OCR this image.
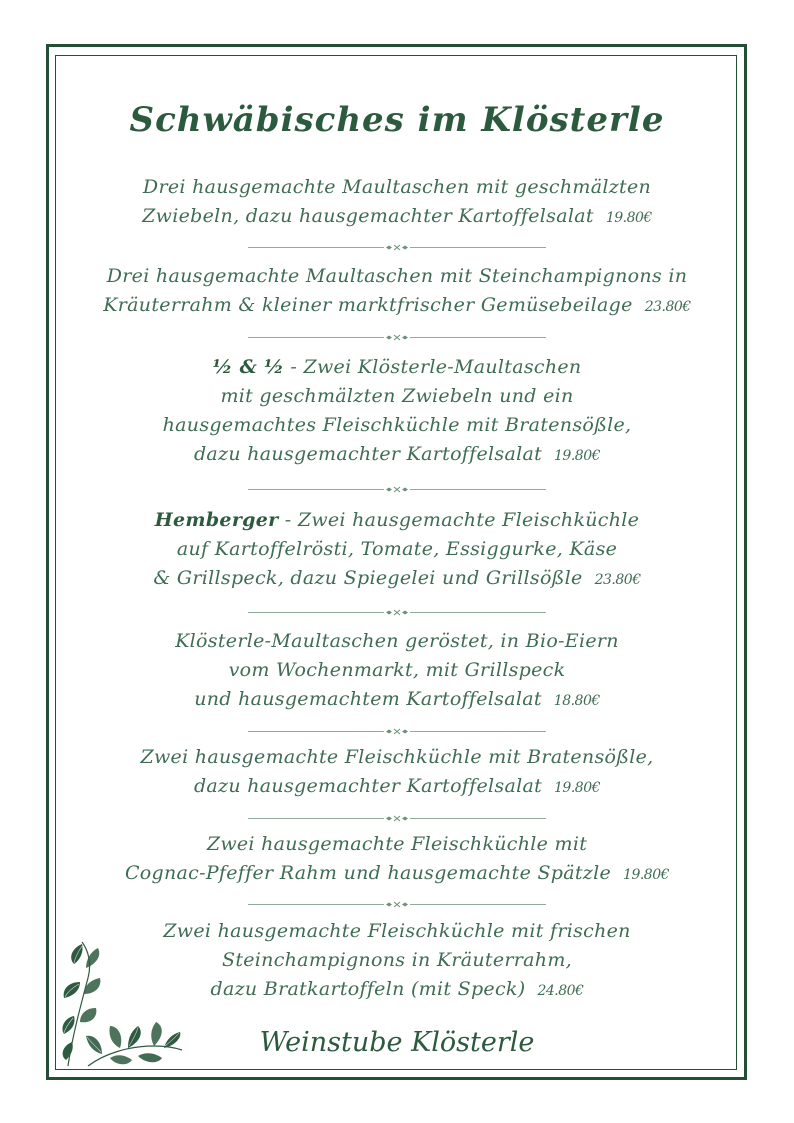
Schwäbisches im Klösterle
Drei hausgemachte Maultaschen mit geschmälzten
Zwiebeln, dazu hausgemachter Kartoffelsalat 19.80€
Drei hausgemachte Maultaschen mit Steinchampignons in
Kräuterrahm & kleiner marktfrischer Gemüsebeilage 23.80€
½ & ½ - Zwei Klösterle-Maultaschen
mit geschmälzten Zwiebeln und ein
hausgemachtes Fleischküchle mit Bratensößle,
dazu hausgemachter Kartoffelsalat 19.80€
Hemberger - Zwei hausgemachte Fleischküchle
auf Kartoffelrösti, Tomate, Essiggurke, Käse
& Grillspeck, dazu Spiegelei und Grillsößle 23.80€
Klösterle-Maultaschen geröstet, in Bio-Eiern
vom Wochenmarkt, mit Grillspeck
und hausgemachtem Kartoffelsalat 18.80€
Zwei hausgemachte Fleischküchle mit Bratensößle,
dazu hausgemachter Kartoffelsalat 19.80€
Zwei hausgemachte Fleischküchle mit
Cognac-Pfeffer Rahm und hausgemachte Spätzle 19.80€
Zwei hausgemachte Fleischküchle mit frischen
Steinchampignons in Kräuterrahm,
dazu Bratkartoffeln (mit Speck) 24.80€
Weinstube Klösterle
